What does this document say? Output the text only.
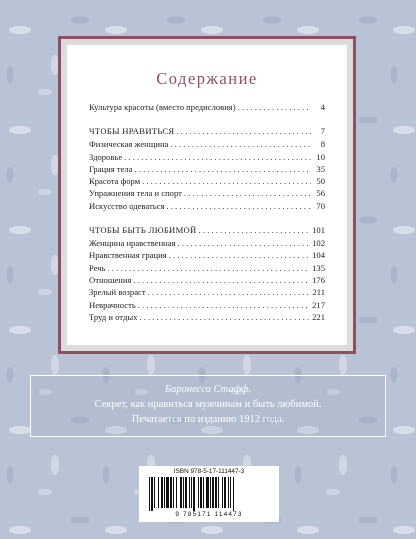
Содержание
Культура красоты (вместо предисловия) . . .	4
ЧТОБЫ НРАВИТЬСЯ . . .	7
Физическая женщина . . .	8
Здоровье . . .	10
Грация тела . . .	35
Красота форм . . .	50
Упражнения тела и спорт . . .	56
Искусство одеваться . . .	70
ЧТОБЫ БЫТЬ ЛЮБИМОЙ . . .	101
Женщина нравственная . . .	102
Нравственная грация . . .	104
Речь . . .	135
Отношения . . .	176
Зрелый возраст . . .	211
Неврачность . . .	217
Труд и отдых . . .	221
Баронесса Стафф.
Секрет, как нравиться мужчинам и быть любимой.
Печатается по изданию 1912 года.
ISBN 978-5-17-111447-3
9 785171 114473
